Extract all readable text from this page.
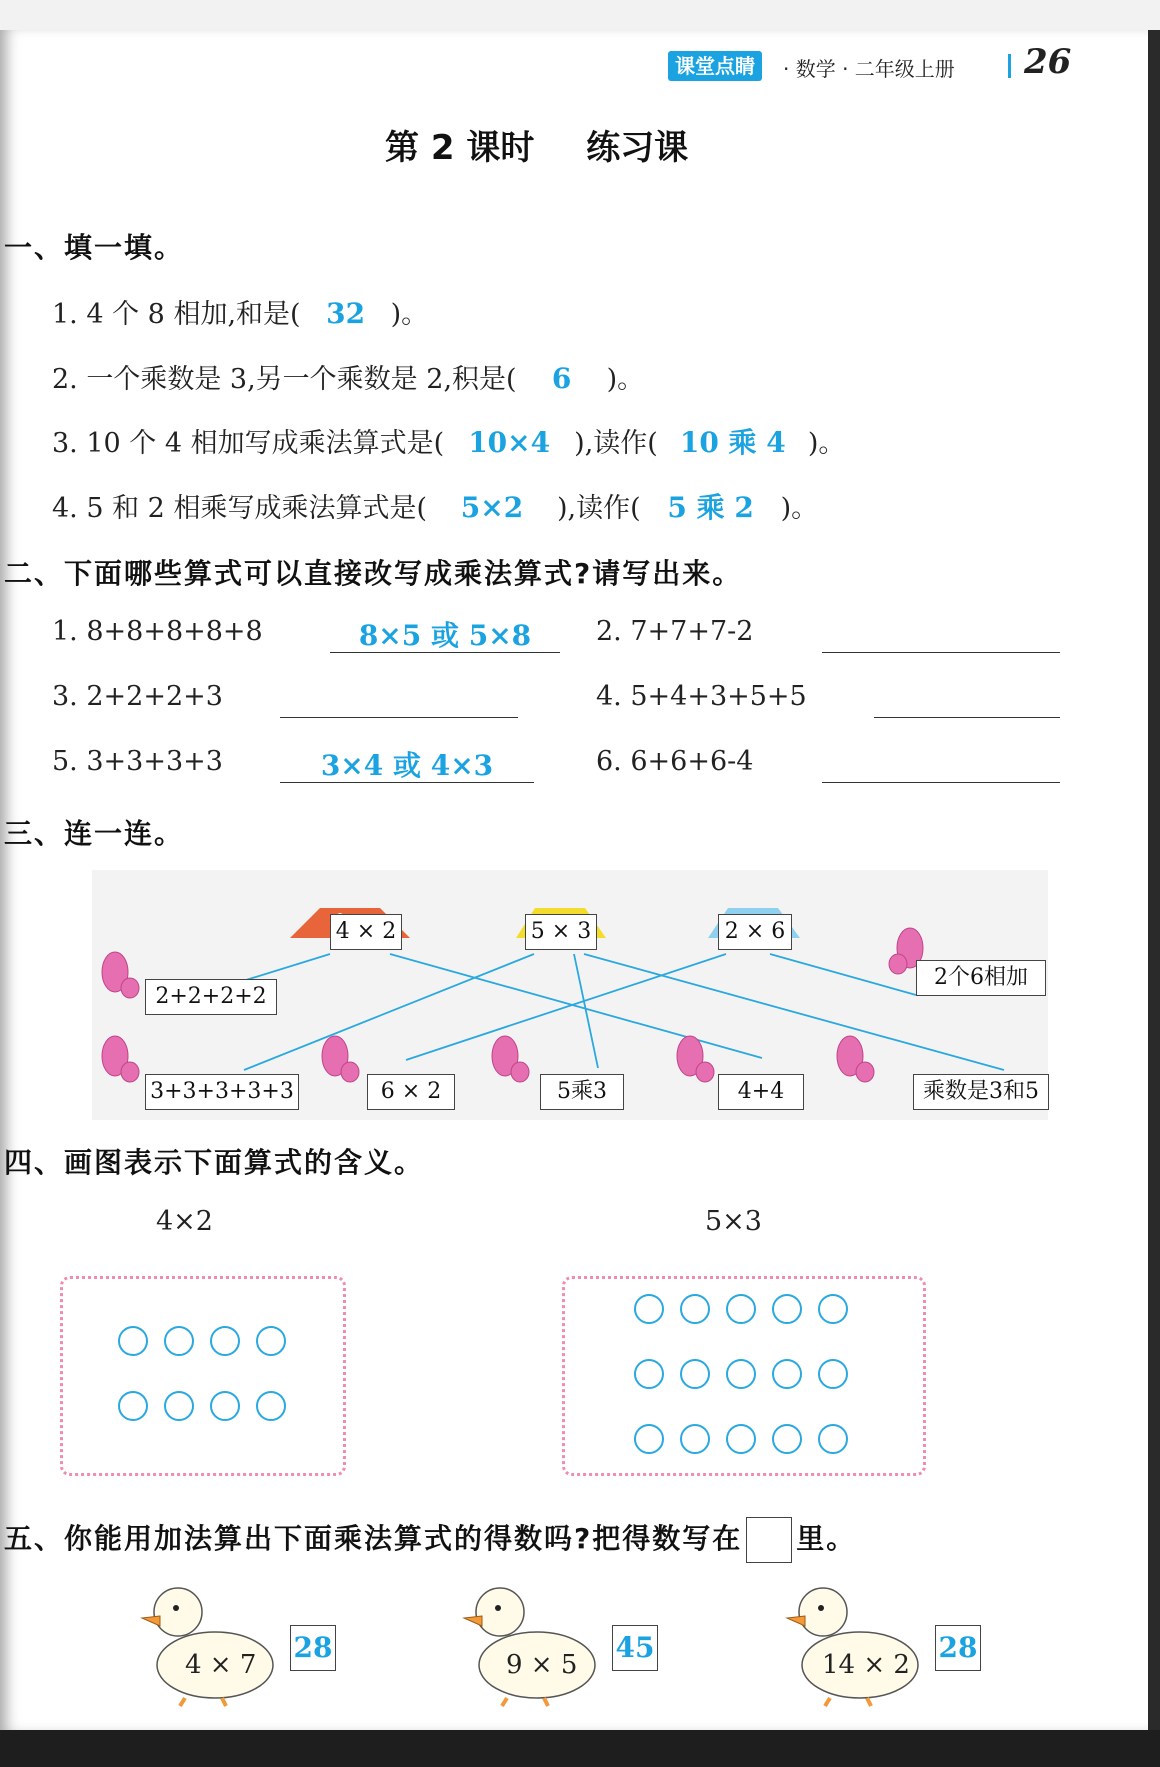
课堂点睛	· 数学 · 二年级上册 26
第 2 课时 练习课
一、填一填。
1. 4 个 8 相加,和是( 32 )。
2. 一个乘数是 3,另一个乘数是 2,积是( 6 )。
3. 10 个 4 相加写成乘法算式是( 10×4 ),读作( 10 乘 4 )。
4. 5 和 2 相乘写成乘法算式是( 5×2 ),读作( 5 乘 2 )。
二、下面哪些算式可以直接改写成乘法算式?请写出来。
1. 8+8+8+8+8	8×5 或 5×8	2. 7+7+7-2
3. 2+2+2+3	4. 5+4+3+5+5
5. 3+3+3+3	3×4 或 4×3	6. 6+6+6-4
三、连一连。
4 × 2	5 × 3	2 × 6
2+2+2+2
2个6相加
3+3+3+3+3	6 × 2	5乘3	4+4	乘数是3和5
四、画图表示下面算式的含义。
4×2	5×3
五、你能用加法算出下面乘法算式的得数吗?把得数写在 里。
4 × 7	9 × 5	14 × 2
28	45	28
